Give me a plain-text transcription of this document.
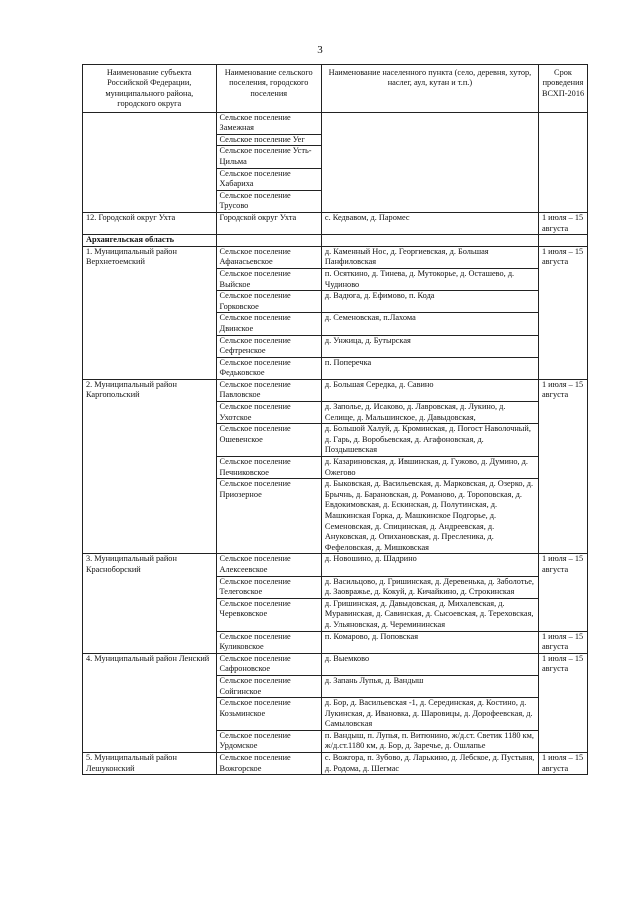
3
Наименование субъекта Российской Федерации, муниципального района, городского округа	Наименование сельского поселения, городского поселения	Наименование населенного пункта (село, деревня, хутор, наслег, аул, кутан и т.п.)	Срок проведения ВСХП-2016
	Сельское поселение Замежная		
	Сельское поселение Уег		
	Сельское поселение Усть-Цильма		
	Сельское поселение Хабариха		
	Сельское поселение Трусово		
12. Городской округ Ухта	Городской округ Ухта	с. Кедвавом, д. Паромес	1 июля – 15 августа
Архангельская область			
1. Муниципальный район Верхнетоемский	Сельское поселение Афанасьевское	д. Каменный Нос, д. Георгиевская, д. Большая Панфиловская	1 июля – 15 августа
	Сельское поселение Выйское	п. Осяткино, д. Тинева, д. Мутокорье, д. Осташево, д. Чудиново	
	Сельское поселение Горковское	д. Вадюга, д. Ефимово, п. Кода	
	Сельское поселение Двинское	д. Семеновская, п.Лахома	
	Сельское поселение Сефтренское	д. Унжица, д. Бутырская	
	Сельское поселение Федьковское	п. Поперечка	
2. Муниципальный район Каргопольский	Сельское поселение Павловское	д. Большая Середка, д. Савино	1 июля – 15 августа
	Сельское поселение Ухотское	д. Заполье, д. Исаково, д. Лавровская, д. Лукино, д. Селище, д. Мальшинское, д. Давыдовская,	
	Сельское поселение Ошевенское	д. Большой Халуй, д. Кроминская, д. Погост Наволочный, д. Гарь, д. Воробьевская, д. Агафоновская, д. Поздышевская	
	Сельское поселение Печниковское	д. Казариновская, д. Ившинская, д. Гужово, д. Думино, д. Ожегово	
	Сельское поселение Приозерное	д. Быковская, д. Васильевская, д. Марковская, д. Озерко, д. Брычнь, д. Барановская, д. Романово, д. Тороповская, д. Евдокимовская, д. Ескинская, д. Полутинская, д. Машкинская Горка, д. Машкинское Подгорье, д. Семеновская, д. Спицинская, д. Андреевская, д. Ануковская, д. Опихановская, д. Пресленика, д. Фефеловская, д. Мишковская	
3. Муниципальный район Красноборский	Сельское поселение Алексеевское	д. Новошино, д. Шадрино	1 июля – 15 августа
	Сельское поселение Телеговское	д. Васильцово, д. Гришинская, д. Деревенька, д. Заболотье, д. Заовражье, д. Кокуй, д. Кичайкино, д. Строкинская	
	Сельское поселение Черевковское	д. Гришинская, д. Давыдовская, д. Михалевская, д. Муравинская, д. Савинская, д. Сысоевская, д. Тереховская, д. Ульяновская, д. Черемининская	
	Сельское поселение Куликовское	п. Комарово, д. Поповская	1 июля – 15 августа
4. Муниципальный район Ленский	Сельское поселение Сафроновское	д. Выемково	1 июля – 15 августа
	Сельское поселение Сойгинское	д. Запань Лупья, д. Вандыш	
	Сельское поселение Козьминское	д. Бор, д. Васильевская -1, д. Серединская, д. Костино, д. Лукинская, д. Ивановка, д. Шаровицы, д. Дорофеевская, д. Самыловская	
	Сельское поселение Урдомское	п. Вандыш, п. Лупья, п. Витюнино, ж/д.ст. Светик 1180 км, ж/д.ст.1180 км, д. Бор, д. Заречье, д. Ошлапье	
5. Муниципальный район Лешуконский	Сельское поселение Вожгорское	с. Вожгора, п. Зубово, д. Ларькино, д. Лебское, д. Пустыня, д. Родома, д. Шегмас	1 июля – 15 августа
